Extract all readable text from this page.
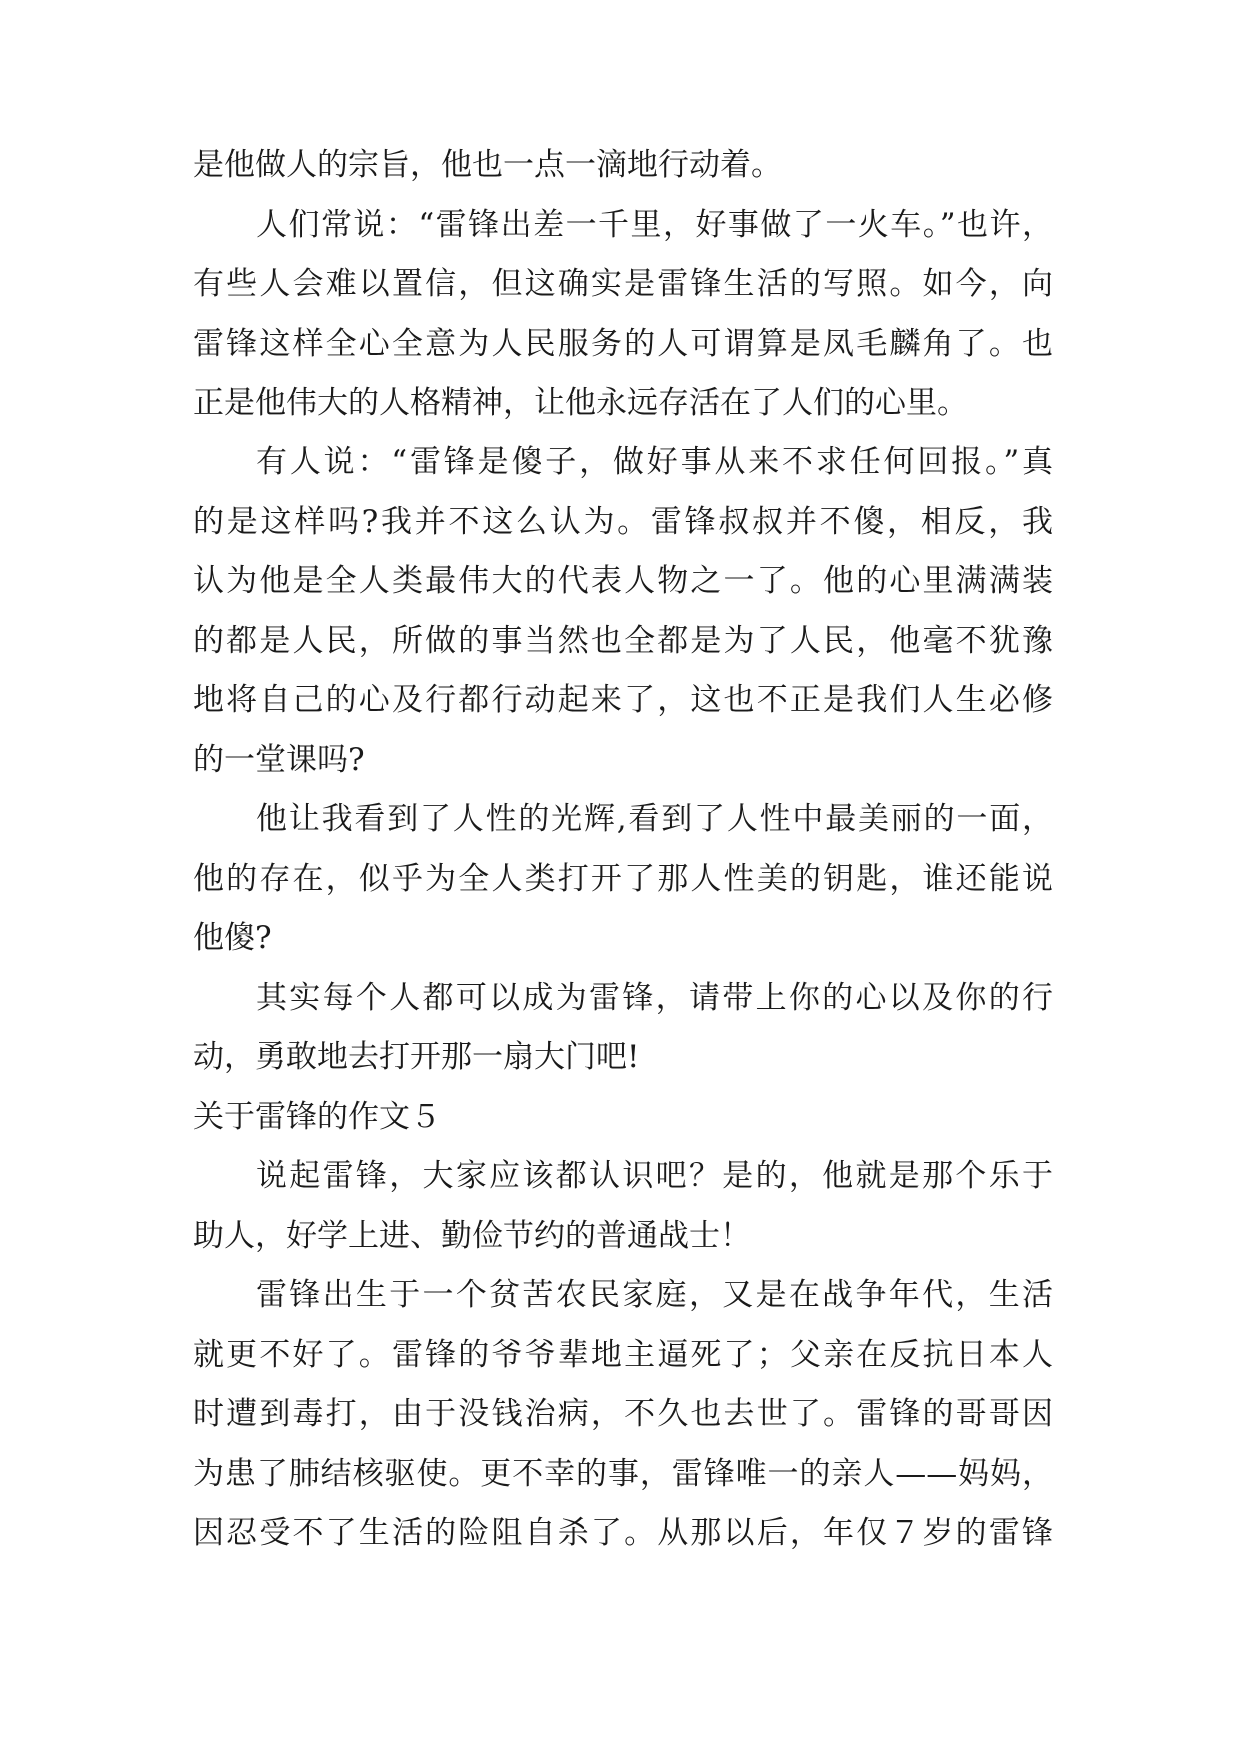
是他做人的宗旨，他也一点一滴地行动着。
人们常说：“雷锋出差一千里，好事做了一火车。”也许，
有些人会难以置信，但这确实是雷锋生活的写照。如今，向
雷锋这样全心全意为人民服务的人可谓算是凤毛麟角了。也
正是他伟大的人格精神，让他永远存活在了人们的心里。
有人说：“雷锋是傻子，做好事从来不求任何回报。”真
的是这样吗?我并不这么认为。雷锋叔叔并不傻，相反，我
认为他是全人类最伟大的代表人物之一了。他的心里满满装
的都是人民，所做的事当然也全都是为了人民，他毫不犹豫
地将自己的心及行都行动起来了，这也不正是我们人生必修
的一堂课吗?
他让我看到了人性的光辉,看到了人性中最美丽的一面，
他的存在，似乎为全人类打开了那人性美的钥匙，谁还能说
他傻?
其实每个人都可以成为雷锋，请带上你的心以及你的行
动，勇敢地去打开那一扇大门吧!
关于雷锋的作文５
说起雷锋，大家应该都认识吧？是的，他就是那个乐于
助人，好学上进、勤俭节约的普通战士！
雷锋出生于一个贫苦农民家庭，又是在战争年代，生活
就更不好了。雷锋的爷爷辈地主逼死了；父亲在反抗日本人
时遭到毒打，由于没钱治病，不久也去世了。雷锋的哥哥因
为患了肺结核驱使。更不幸的事，雷锋唯一的亲人——妈妈，
因忍受不了生活的险阻自杀了。从那以后，年仅７岁的雷锋
